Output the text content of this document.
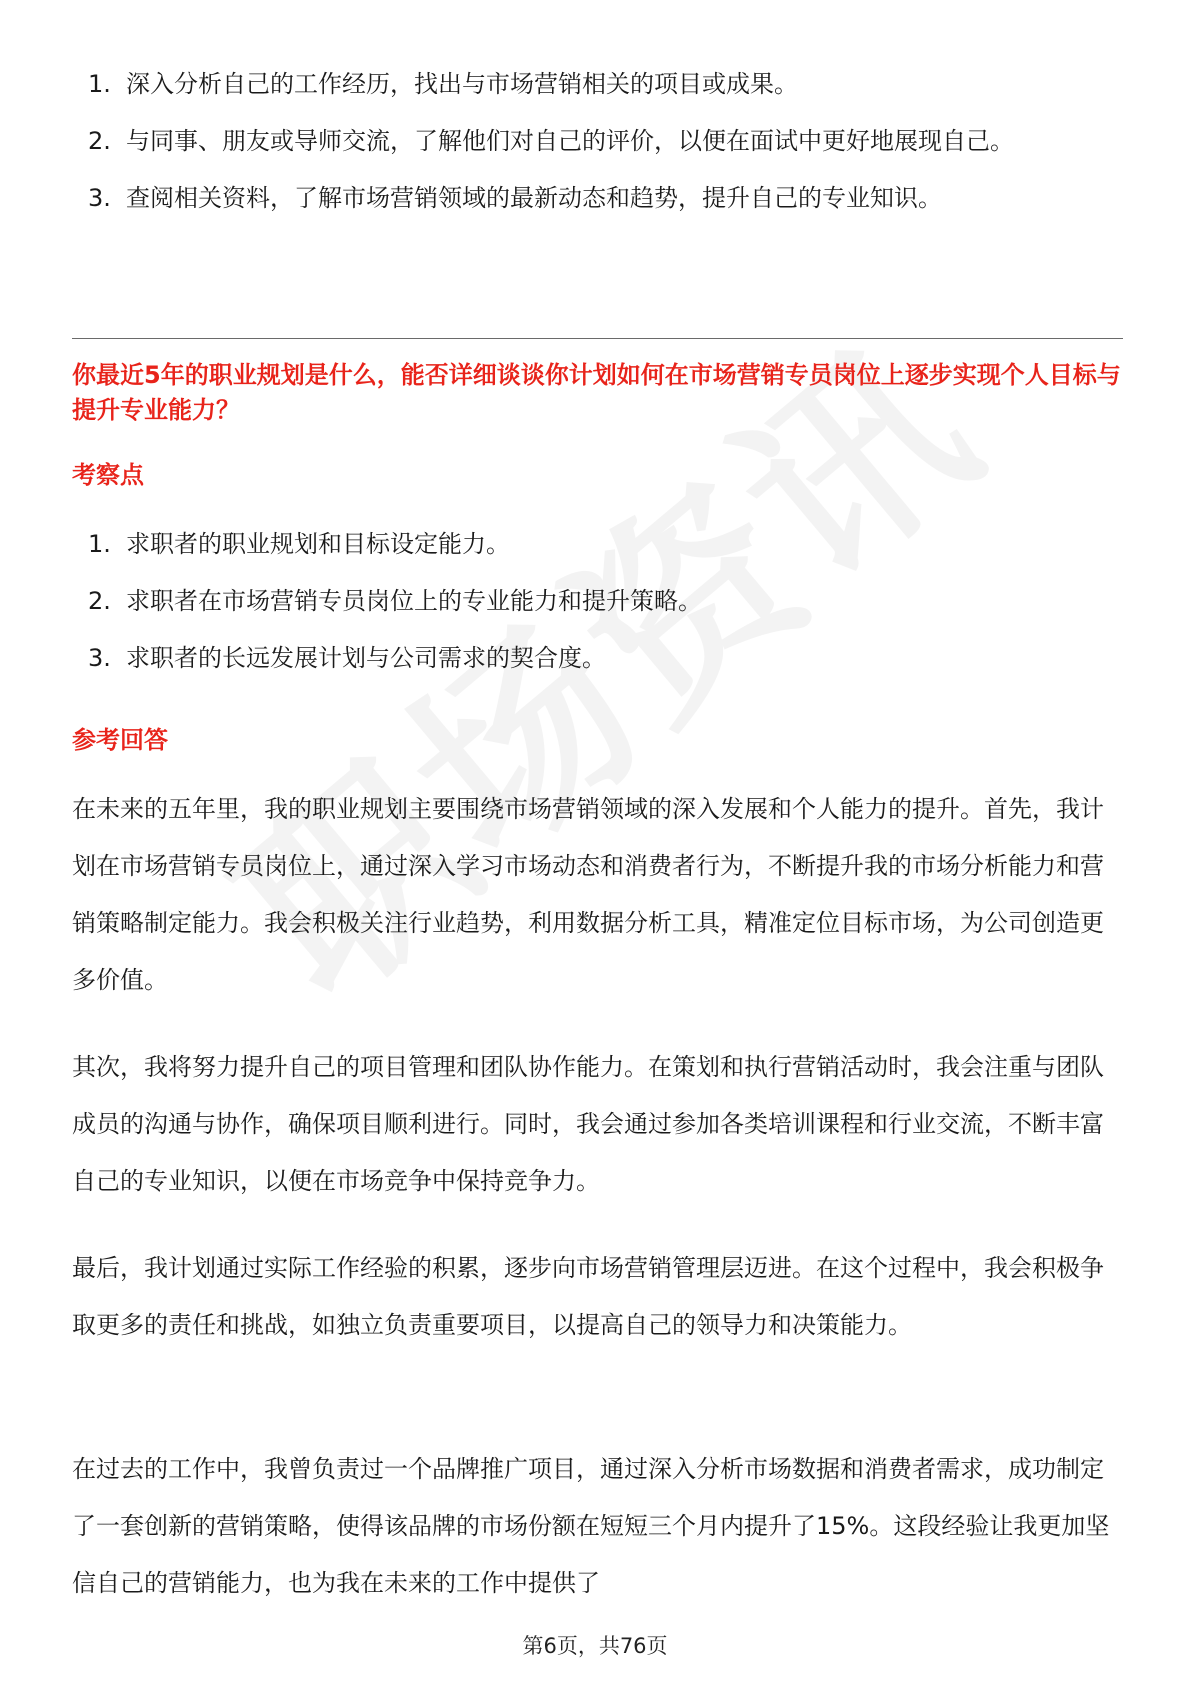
1. 深入分析自己的工作经历，找出与市场营销相关的项目或成果。
2. 与同事、朋友或导师交流，了解他们对自己的评价，以便在面试中更好地展现自己。
3. 查阅相关资料，了解市场营销领域的最新动态和趋势，提升自己的专业知识。
你最近5年的职业规划是什么，能否详细谈谈你计划如何在市场营销专员岗位上逐步实现个人目标与提升专业能力？
考察点
1. 求职者的职业规划和目标设定能力。
2. 求职者在市场营销专员岗位上的专业能力和提升策略。
3. 求职者的长远发展计划与公司需求的契合度。
参考回答

在未来的五年里，我的职业规划主要围绕市场营销领域的深入发展和个人能力的提升。首先，我计划在市场营销专员岗位上，通过深入学习市场动态和消费者行为，不断提升我的市场分析能力和营销策略制定能力。我会积极关注行业趋势，利用数据分析工具，精准定位目标市场，为公司创造更多价值。

其次，我将努力提升自己的项目管理和团队协作能力。在策划和执行营销活动时，我会注重与团队成员的沟通与协作，确保项目顺利进行。同时，我会通过参加各类培训课程和行业交流，不断丰富自己的专业知识，以便在市场竞争中保持竞争力。

最后，我计划通过实际工作经验的积累，逐步向市场营销管理层迈进。在这个过程中，我会积极争取更多的责任和挑战，如独立负责重要项目，以提高自己的领导力和决策能力。

在过去的工作中，我曾负责过一个品牌推广项目，通过深入分析市场数据和消费者需求，成功制定了一套创新的营销策略，使得该品牌的市场份额在短短三个月内提升了15%。这段经验让我更加坚信自己的营销能力，也为我在未来的工作中提供了

第6页，共76页
